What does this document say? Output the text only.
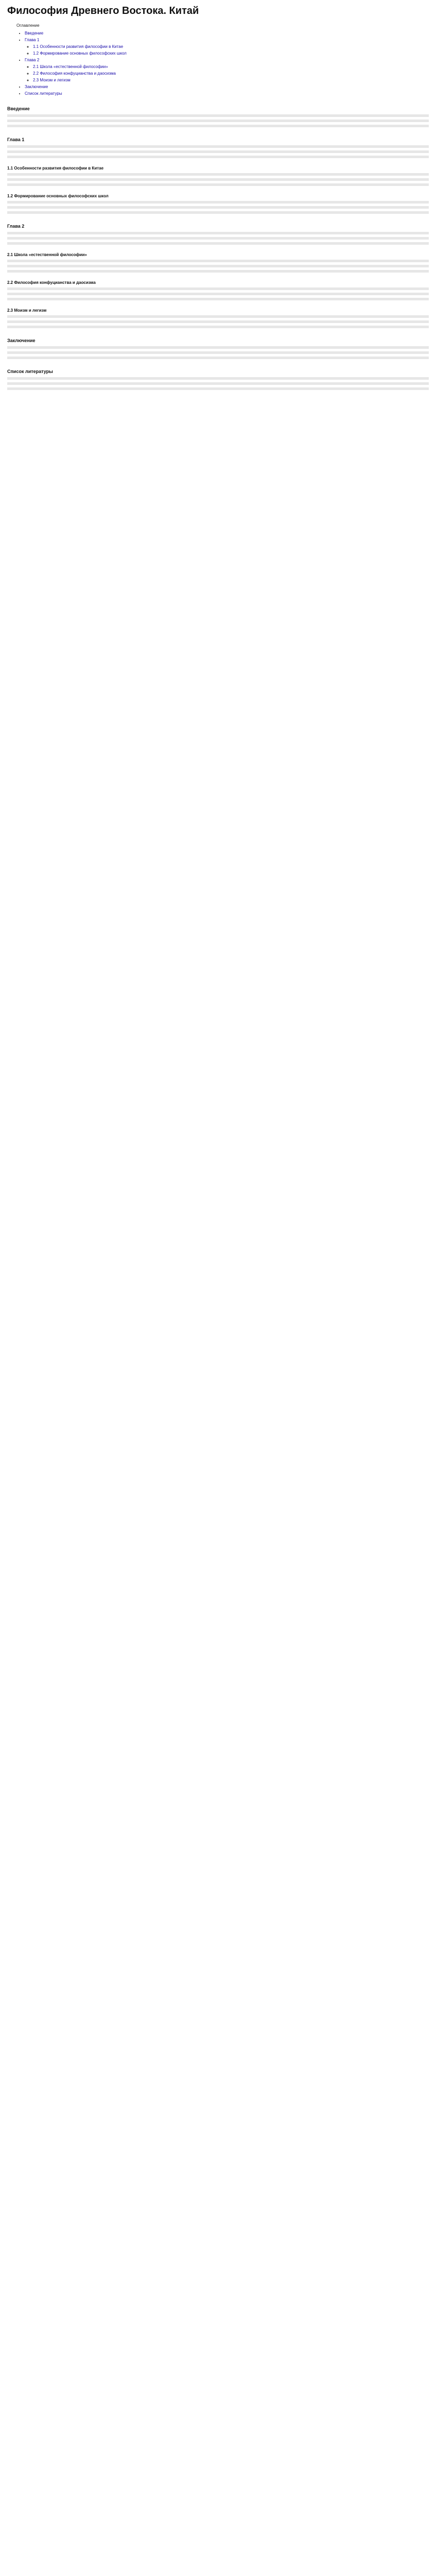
Философия Древнего Востока. Китай
Оглавление
• Введение
• Глава 1
◦ 1.1 Особенности развития философии в Китае
◦ 1.2 Формирование основных философских школ
• Глава 2
◦ 2.1 Школа «естественной философии»
◦ 2.2 Философия конфуцианства и даосизма
◦ 2.3 Моизм и легизм
• Заключение
• Список литературы
Введение
Глава 1
1.1 Особенности развития философии в Китае
1.2 Формирование основных философских школ
Глава 2
2.1 Школа «естественной философии»
2.2 Философия конфуцианства и даосизма
2.3 Моизм и легизм
Заключение
Список литературы
